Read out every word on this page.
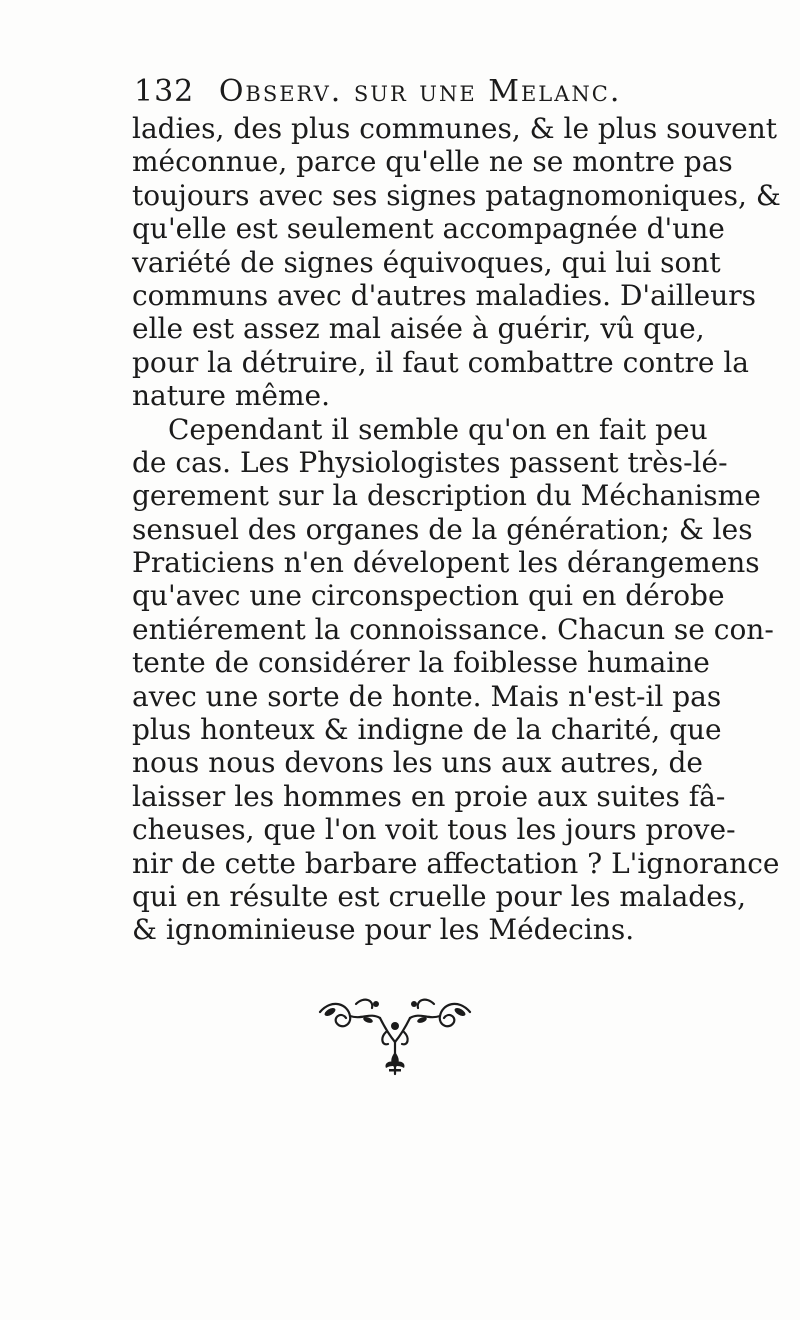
132 Observ. sur une Melanc.
ladies, des plus communes, & le plus souvent
méconnue, parce qu'elle ne se montre pas
toujours avec ses signes patagnomoniques, &
qu'elle est seulement accompagnée d'une
variété de signes équivoques, qui lui sont
communs avec d'autres maladies. D'ailleurs
elle est assez mal aisée à guérir, vû que,
pour la détruire, il faut combattre contre la
nature même.
Cependant il semble qu'on en fait peu
de cas. Les Physiologistes passent très-lé-
gerement sur la description du Méchanisme
sensuel des organes de la génération; & les
Praticiens n'en dévelopent les dérangemens
qu'avec une circonspection qui en dérobe
entiérement la connoissance. Chacun se con-
tente de considérer la foiblesse humaine
avec une sorte de honte. Mais n'est-il pas
plus honteux & indigne de la charité, que
nous nous devons les uns aux autres, de
laisser les hommes en proie aux suites fâ-
cheuses, que l'on voit tous les jours prove-
nir de cette barbare affectation ? L'ignorance
qui en résulte est cruelle pour les malades,
& ignominieuse pour les Médecins.
